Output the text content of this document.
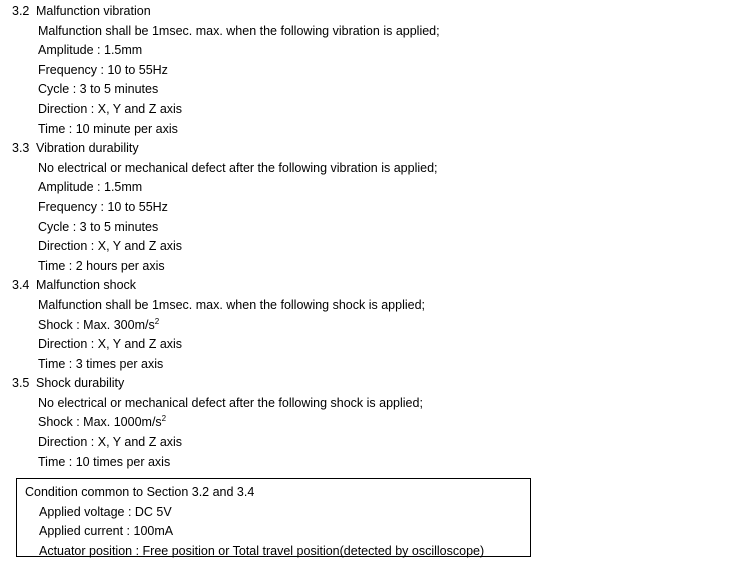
3.2 Malfunction vibration
Malfunction shall be 1msec. max. when the following vibration is applied;
Amplitude : 1.5mm
Frequency : 10 to 55Hz
Cycle : 3 to 5 minutes
Direction : X, Y and Z axis
Time : 10 minute per axis
3.3 Vibration durability
No electrical or mechanical defect after the following vibration is applied;
Amplitude : 1.5mm
Frequency : 10 to 55Hz
Cycle : 3 to 5 minutes
Direction : X, Y and Z axis
Time : 2 hours per axis
3.4 Malfunction shock
Malfunction shall be 1msec. max. when the following shock is applied;
Shock : Max. $300m/s^2$
Direction : X, Y and Z axis
Time : 3 times per axis
3.5 Shock durability
No electrical or mechanical defect after the following shock is applied;
Shock : Max. $1000m/s^2$
Direction : X, Y and Z axis
Time : 10 times per axis
Condition common to Section 3.2 and 3.4
Applied voltage : DC 5V
Applied current : 100mA
Actuator position : Free position or Total travel position(detected by oscilloscope)
